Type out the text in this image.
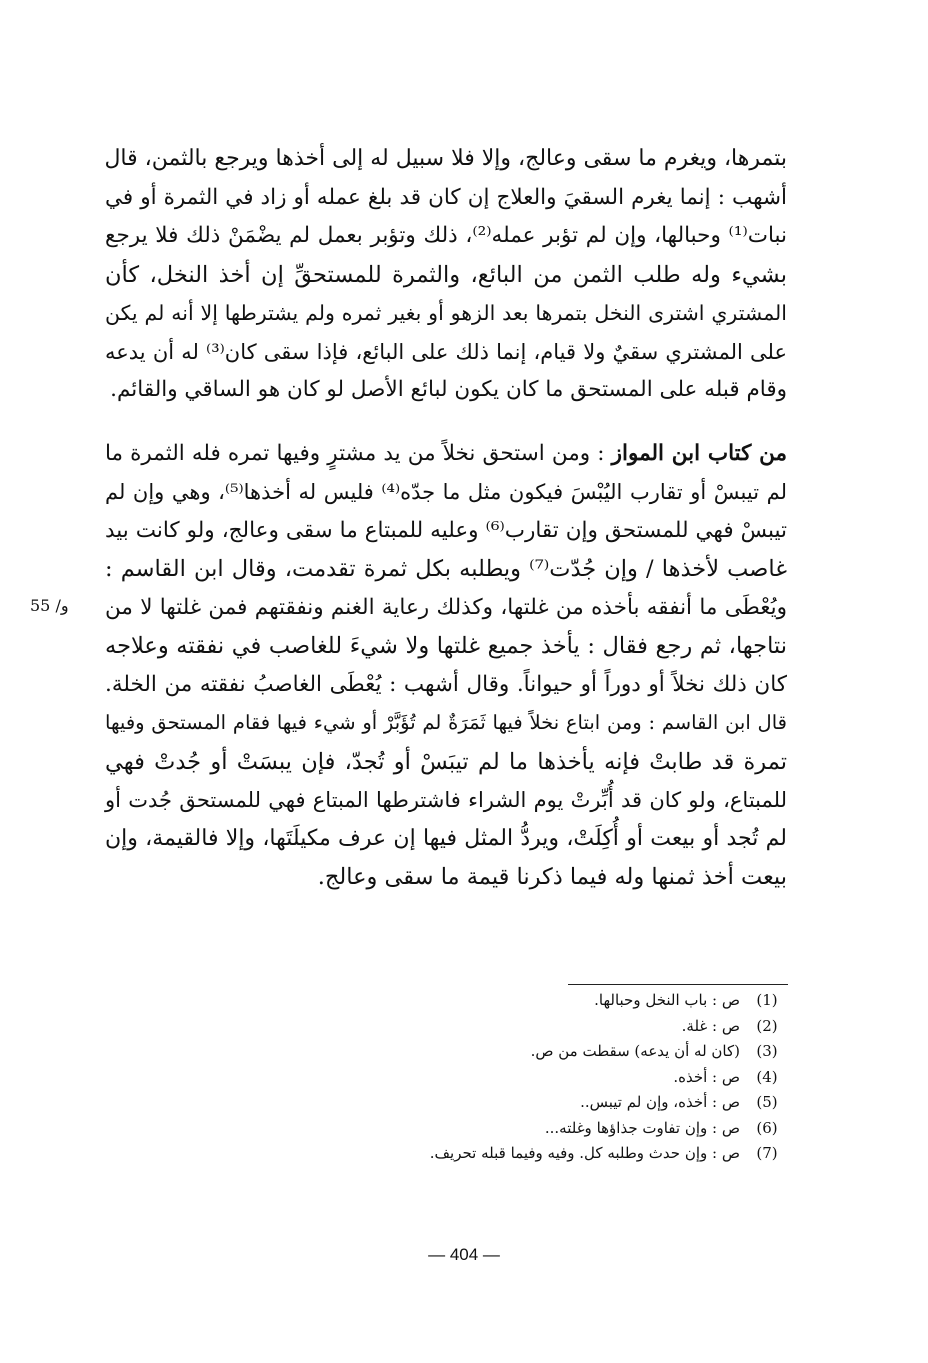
بتمرها، ويغرم ما سقى وعالج، وإلا فلا سبيل له إلى أخذها ويرجع بالثمن، قال
أشهب : إنما يغرم السقيَ والعلاج إن كان قد بلغ عمله أو زاد في الثمرة أو في
نبات⁽¹⁾ وحبالها، وإن لم تؤبر عمله⁽²⁾، ذلك وتؤبر بعمل لم يضْمَنْ ذلك فلا يرجع
بشيء وله طلب الثمن من البائع، والثمرة للمستحقِّ إن أخذ النخل، كأن
المشتري اشترى النخل بتمرها بعد الزهو أو بغير ثمره ولم يشترطها إلا أنه لم يكن
على المشتري سقيٌ ولا قيام، إنما ذلك على البائع، فإذا سقى كان⁽³⁾ له أن يدعه
وقام قبله على المستحق ما كان يكون لبائع الأصل لو كان هو الساقي والقائم.
من كتاب ابن المواز : ومن استحق نخلاً من يد مشترٍ وفيها تمره فله الثمرة ما
لم تيبسْ أو تقارب اليُبْسَ فيكون مثل ما جدّه⁽⁴⁾ فليس له أخذها⁽⁵⁾، وهي وإن لم
تيبسْ فهي للمستحق وإن تقارب⁽⁶⁾ وعليه للمبتاع ما سقى وعالج، ولو كانت بيد
غاصب لأخذها / وإن جُدّت⁽⁷⁾ ويطلبه بكل ثمرة تقدمت، وقال ابن القاسم :
ويُعْطَى ما أنفقه بأخذه من غلتها، وكذلك رعاية الغنم ونفقتهم فمن غلتها لا من
نتاجها، ثم رجع فقال : يأخذ جميع غلتها ولا شيءَ للغاصب في نفقته وعلاجه
كان ذلك نخلاً أو دوراً أو حيواناً. وقال أشهب : يُعْطَى الغاصبُ نفقته من الخلة.
قال ابن القاسم : ومن ابتاع نخلاً فيها ثَمَرَةٌ لم تُؤَبَّرْ أو شيء فيها فقام المستحق وفيها
تمرة قد طابتْ فإنه يأخذها ما لم تيبَسْ أو تُجدّ، فإن يبسَتْ أو جُدتْ فهي
للمبتاع، ولو كان قد أُبِّرتْ يوم الشراء فاشترطها المبتاع فهي للمستحق جُدت أو
لم تُجد أو بيعت أو أُكِلَتْ، ويردُّ المثل فيها إن عرف مكيلَتَها، وإلا فالقيمة، وإن
بيعت أخذ ثمنها وله فيما ذكرنا قيمة ما سقى وعالج.
55 /و
(1)ص : باب النخل وحبالها.
(2)ص : غلة.
(3)(كان له أن يدعه) سقطت من ص.
(4)ص : أخذه.
(5)ص : أخذه، وإن لم تيبس..
(6)ص : وإن تفاوت جذاؤها وغلته...
(7)ص : وإن حدث وطلبه كل. وفيه وفيما قبله تحريف.
— 404 —
